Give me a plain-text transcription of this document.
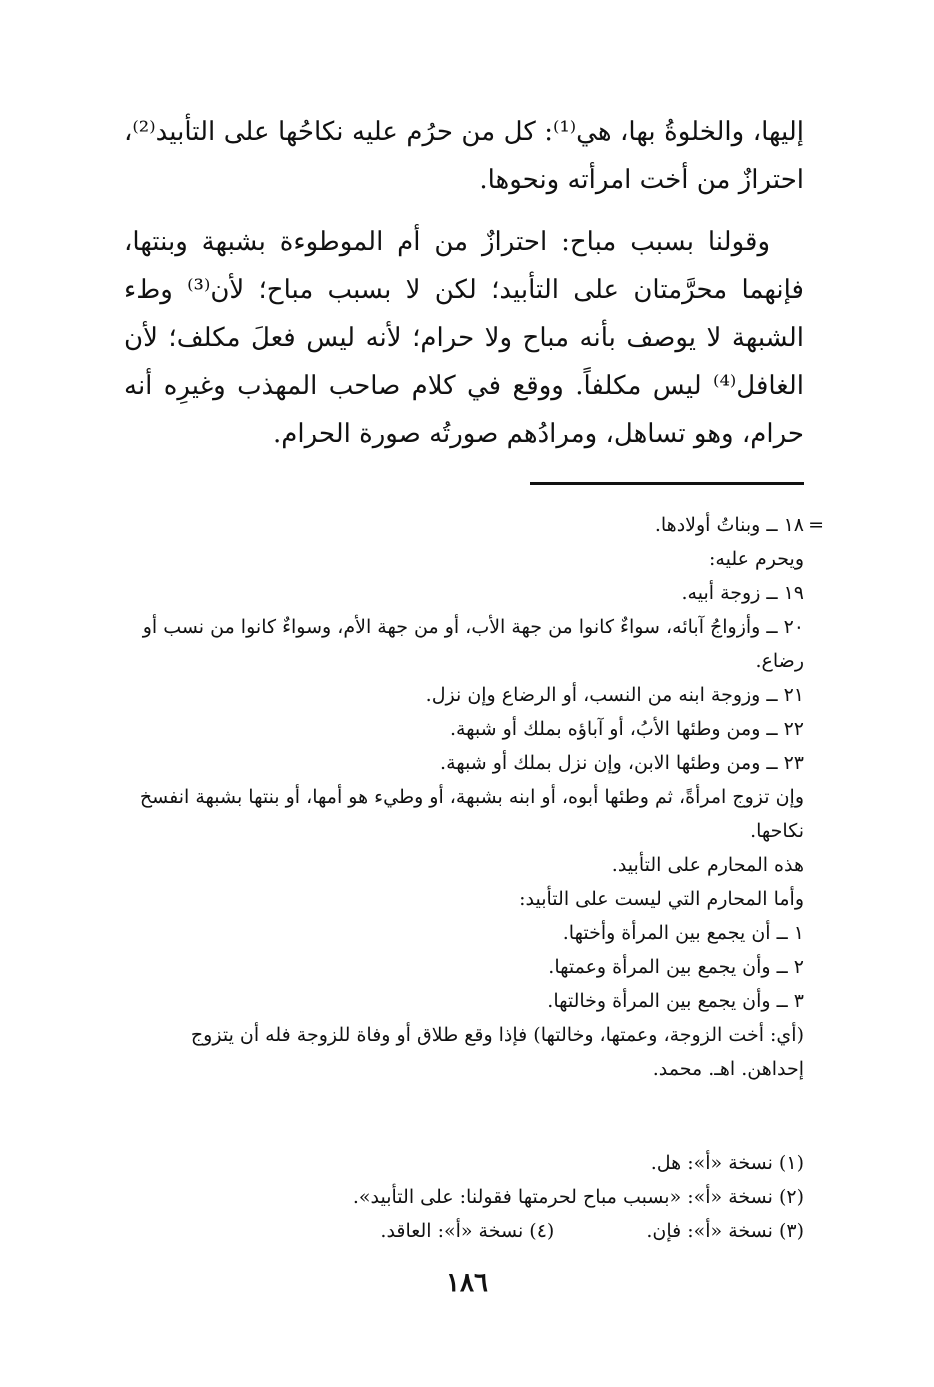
إليها، والخلوةُ بها، هي⁽¹⁾: كل من حرُم عليه نكاحُها على التأبيد⁽²⁾، احترازٌ من أخت امرأته ونحوها.

وقولنا بسبب مباح: احترازٌ من أم الموطوءة بشبهة وبنتها، فإنهما محرَّمتان على التأبيد؛ لكن لا بسبب مباح؛ لأن⁽³⁾ وطء الشبهة لا يوصف بأنه مباح ولا حرام؛ لأنه ليس فعلَ مكلف؛ لأن الغافل⁽⁴⁾ ليس مكلفاً. ووقع في كلام صاحب المهذب وغيرِه أنه حرام، وهو تساهل، ومرادُهم صورتُه صورة الحرام.

=

١٨ ــ وبناتُ أولادها.

ويحرم عليه:

١٩ ــ زوجة أبيه.

٢٠ ــ وأزواجُ آبائه، سواءٌ كانوا من جهة الأب، أو من جهة الأم، وسواءٌ كانوا من نسب أو رضاع.

٢١ ــ وزوجة ابنه من النسب، أو الرضاع وإن نزل.

٢٢ ــ ومن وطئها الأبُ، أو آباؤه بملك أو شبهة.

٢٣ ــ ومن وطئها الابن، وإن نزل بملك أو شبهة.

وإن تزوج امرأةً، ثم وطئها أبوه، أو ابنه بشبهة، أو وطيء هو أمها، أو بنتها بشبهة انفسخ نكاحها.

هذه المحارم على التأبيد.

وأما المحارم التي ليست على التأبيد:

١ ــ أن يجمع بين المرأة وأختها.

٢ ــ وأن يجمع بين المرأة وعمتها.

٣ ــ وأن يجمع بين المرأة وخالتها.

(أي: أخت الزوجة، وعمتها، وخالتها) فإذا وقع طلاق أو وفاة للزوجة فله أن يتزوج إحداهن. اهـ. محمد.

(١) نسخة «أ»: هل.

(٢) نسخة «أ»: «بسبب مباح لحرمتها فقولنا: على التأبيد».

(٣) نسخة «أ»: فإن.
(٤) نسخة «أ»: العاقد.
١٨٦
